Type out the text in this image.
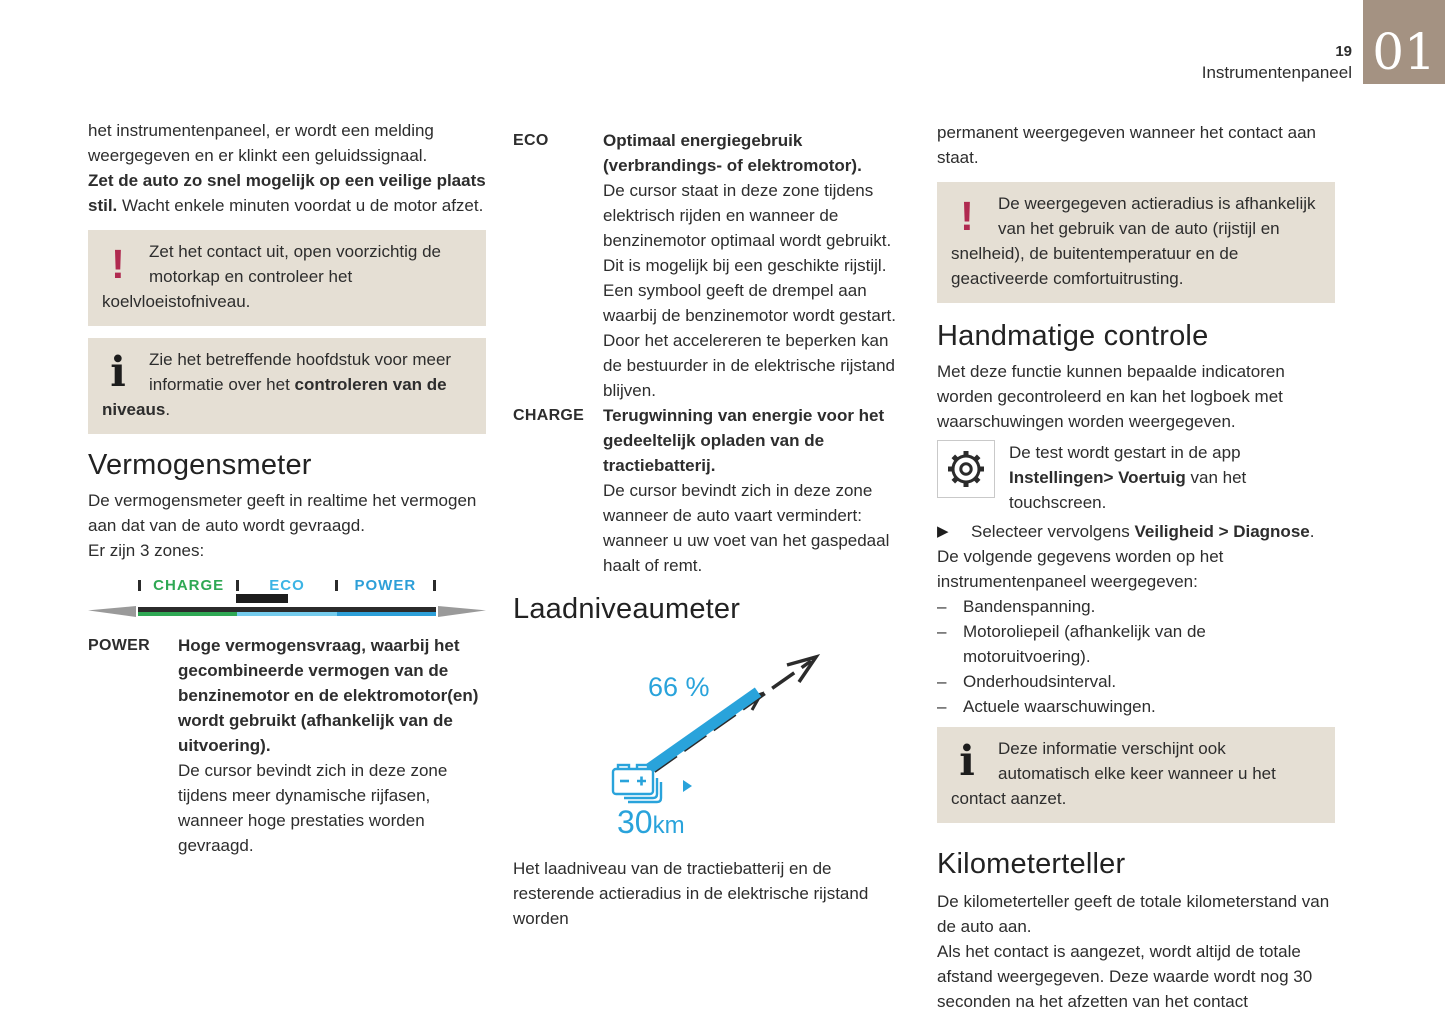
01
19
Instrumentenpaneel

het instrumentenpaneel, er wordt een melding weergegeven en er klinkt een geluidssignaal.
Zet de auto zo snel mogelijk op een veilige plaats stil. Wacht enkele minuten voordat u de motor afzet.

!	Zet het contact uit, open voorzichtig de motorkap en controleer het koelvloeistofniveau.
i	Zie het betreffende hoofdstuk voor meer informatie over het controleren van de niveaus.
Vermogensmeter

De vermogensmeter geeft in realtime het vermogen aan dat van de auto wordt gevraagd.
Er zijn 3 zones:

CHARGE	ECO	POWER
POWER	Hoge vermogensvraag, waarbij het gecombineerde vermogen van de benzinemotor en de elektromotor(en) wordt gebruikt (afhankelijk van de uitvoering).
De cursor bevindt zich in deze zone tijdens meer dynamische rijfasen, wanneer hoge prestaties worden gevraagd.
ECO	Optimaal energiegebruik (verbrandings- of elektromotor).
De cursor staat in deze zone tijdens elektrisch rijden en wanneer de benzinemotor optimaal wordt gebruikt. Dit is mogelijk bij een geschikte rijstijl. Een symbool geeft de drempel aan waarbij de benzinemotor wordt gestart. Door het accelereren te beperken kan de bestuurder in de elektrische rijstand blijven.
CHARGE	Terugwinning van energie voor het gedeeltelijk opladen van de tractiebatterij.
De cursor bevindt zich in deze zone wanneer de auto vaart vermindert: wanneer u uw voet van het gaspedaal haalt of remt.
Laadniveaumeter
66 %
30km

Het laadniveau van de tractiebatterij en de resterende actieradius in de elektrische rijstand worden

permanent weergegeven wanneer het contact aan staat.

!	De weergegeven actieradius is afhankelijk van het gebruik van de auto (rijstijl en snelheid), de buitentemperatuur en de geactiveerde comfortuitrusting.
Handmatige controle

Met deze functie kunnen bepaalde indicatoren worden gecontroleerd en kan het logboek met waarschuwingen worden weergegeven.

De test wordt gestart in de app Instellingen> Voertuig van het touchscreen.
▶	Selecteer vervolgens Veiligheid > Diagnose.

De volgende gegevens worden op het instrumentenpaneel weergegeven:

– Bandenspanning.
– Motoroliepeil (afhankelijk van de motoruitvoering).
– Onderhoudsinterval.
– Actuele waarschuwingen.
i	Deze informatie verschijnt ook automatisch elke keer wanneer u het contact aanzet.
Kilometerteller

De kilometerteller geeft de totale kilometerstand van de auto aan.
Als het contact is aangezet, wordt altijd de totale afstand weergegeven. Deze waarde wordt nog 30 seconden na het afzetten van het contact
